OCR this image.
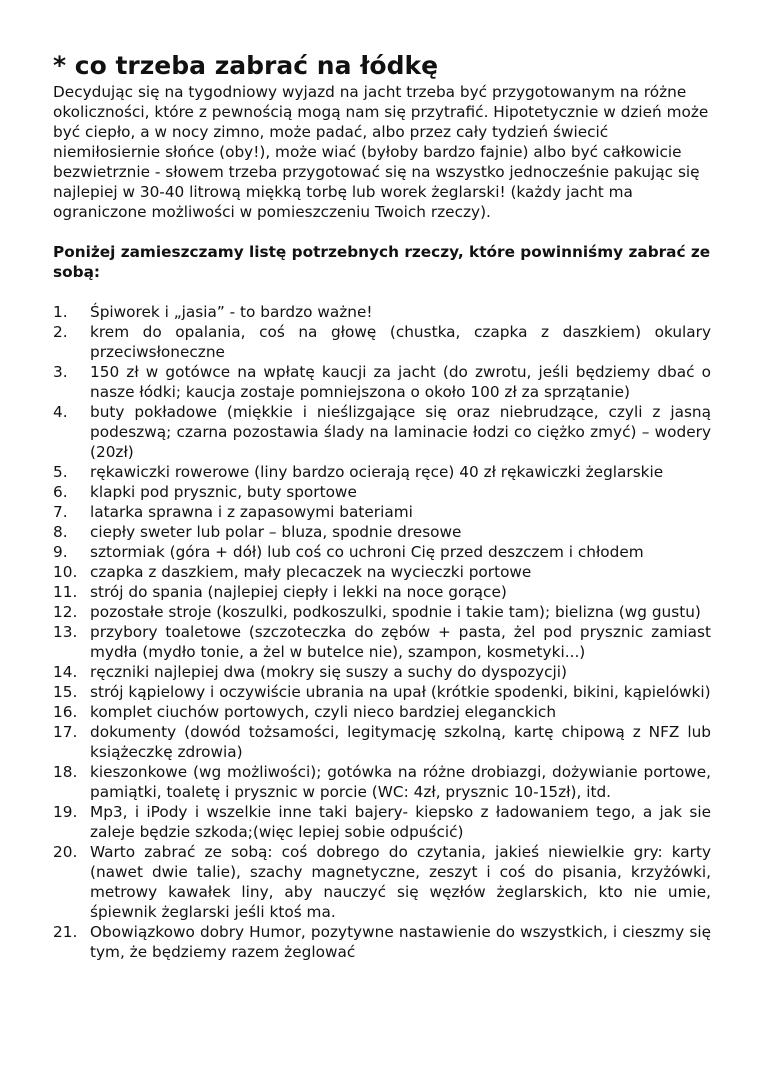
* co trzeba zabrać na łódkę

Decydując się na tygodniowy wyjazd na jacht trzeba być przygotowanym na różne okoliczności, które z pewnością mogą nam się przytrafić. Hipotetycznie w dzień może być ciepło, a w nocy zimno, może padać, albo przez cały tydzień świecić niemiłosiernie słońce (oby!), może wiać (byłoby bardzo fajnie) albo być całkowicie bezwietrznie - słowem trzeba przygotować się na wszystko jednocześnie pakując się najlepiej w 30-40 litrową miękką torbę lub worek żeglarski! (każdy jacht ma ograniczone możliwości w pomieszczeniu Twoich rzeczy).

Poniżej zamieszczamy listę potrzebnych rzeczy, które powinniśmy zabrać ze sobą:

1.	Śpiworek i „jasia” - to bardzo ważne!
2.	krem do opalania, coś na głowę (chustka, czapka z daszkiem) okulary przeciwsłoneczne
3.	150 zł w gotówce na wpłatę kaucji za jacht (do zwrotu, jeśli będziemy dbać o nasze łódki; kaucja zostaje pomniejszona o około 100 zł za sprzątanie)
4.	buty pokładowe (miękkie i nieślizgające się oraz niebrudzące, czyli z jasną podeszwą; czarna pozostawia ślady na laminacie łodzi co ciężko zmyć) – wodery (20zł)
5.	rękawiczki rowerowe (liny bardzo ocierają ręce) 40 zł rękawiczki żeglarskie
6.	klapki pod prysznic, buty sportowe
7.	latarka sprawna i z zapasowymi bateriami
8.	ciepły sweter lub polar – bluza, spodnie dresowe
9.	sztormiak (góra + dół) lub coś co uchroni Cię przed deszczem i chłodem
10. czapka z daszkiem, mały plecaczek na wycieczki portowe
11. strój do spania (najlepiej ciepły i lekki na noce gorące)
12. pozostałe stroje (koszulki, podkoszulki, spodnie i takie tam); bielizna (wg gustu)
13. przybory toaletowe (szczoteczka do zębów + pasta, żel pod prysznic zamiast mydła (mydło tonie, a żel w butelce nie), szampon, kosmetyki...)
14. ręczniki najlepiej dwa (mokry się suszy a suchy do dyspozycji)
15. strój kąpielowy i oczywiście ubrania na upał (krótkie spodenki, bikini, kąpielówki)
16. komplet ciuchów portowych, czyli nieco bardziej eleganckich
17. dokumenty (dowód tożsamości, legitymację szkolną, kartę chipową z NFZ lub książeczkę zdrowia)
18. kieszonkowe (wg możliwości); gotówka na różne drobiazgi, dożywianie portowe, pamiątki, toaletę i prysznic w porcie (WC: 4zł, prysznic 10-15zł), itd.
19. Mp3, i iPody i wszelkie inne taki bajery- kiepsko z ładowaniem tego, a jak sie zaleje będzie szkoda;(więc lepiej sobie odpuścić)
20. Warto zabrać ze sobą: coś dobrego do czytania, jakieś niewielkie gry: karty (nawet dwie talie), szachy magnetyczne, zeszyt i coś do pisania, krzyżówki, metrowy kawałek liny, aby nauczyć się węzłów żeglarskich, kto nie umie, śpiewnik żeglarski jeśli ktoś ma.
21. Obowiązkowo dobry Humor, pozytywne nastawienie do wszystkich, i cieszmy się tym, że będziemy razem żeglować
